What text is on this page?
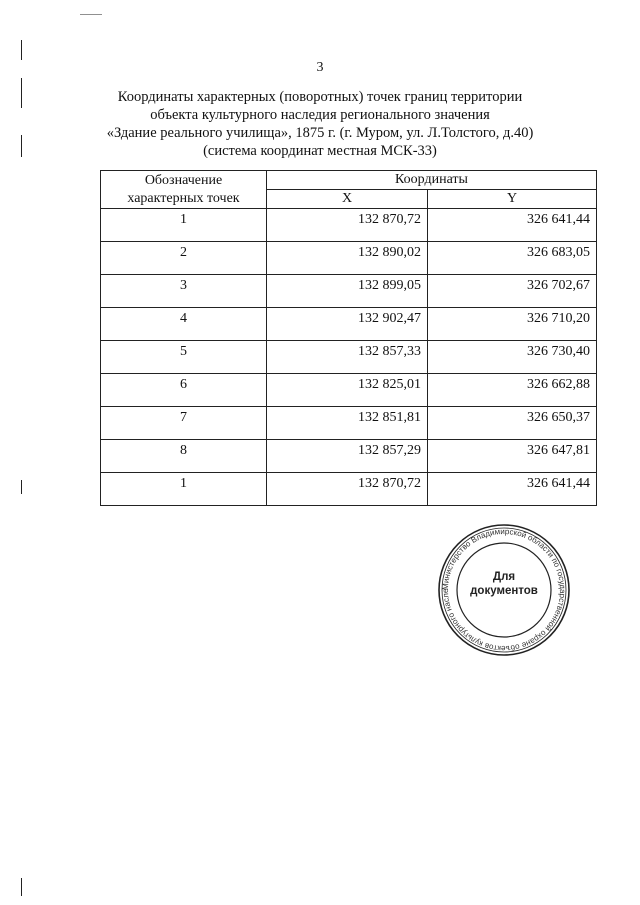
3
Координаты характерных (поворотных) точек границ территории
объекта культурного наследия регионального значения
«Здание реального училища», 1875 г. (г. Муром, ул. Л.Толстого, д.40)
(система координат местная МСК-33)
Обозначение
характерных точек	Координаты	
	X	Y
1	132 870,72	326 641,44
2	132 890,02	326 683,05
3	132 899,05	326 702,67
4	132 902,47	326 710,20
5	132 857,33	326 730,40
6	132 825,01	326 662,88
7	132 851,81	326 650,37
8	132 857,29	326 647,81
1	132 870,72	326 641,44
Министерство Владимирской области по государственной охране объектов культурного насле
Для
документов
